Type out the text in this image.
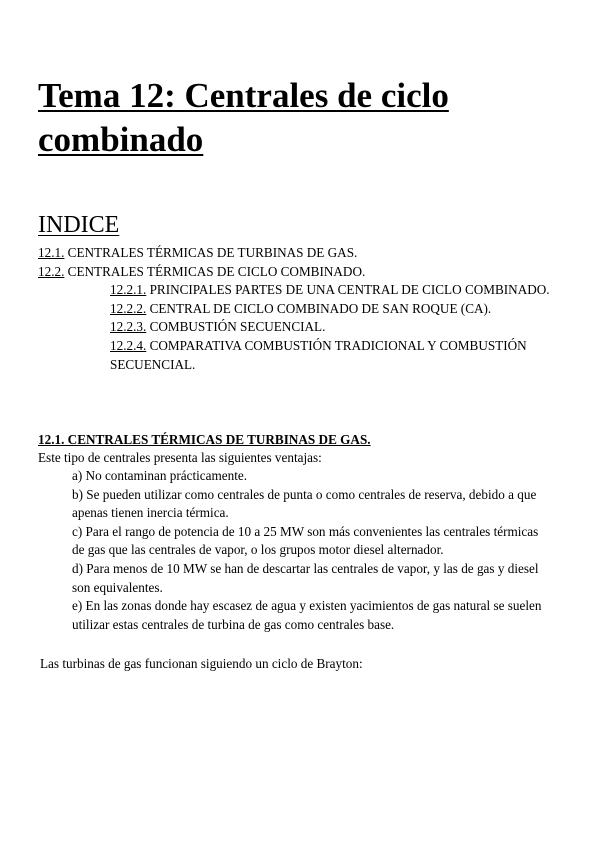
Tema 12: Centrales de ciclo combinado
INDICE
12.1. CENTRALES TÉRMICAS DE TURBINAS DE GAS.
12.2. CENTRALES TÉRMICAS DE CICLO COMBINADO.
12.2.1. PRINCIPALES PARTES DE UNA CENTRAL DE CICLO COMBINADO.
12.2.2. CENTRAL DE CICLO COMBINADO DE SAN ROQUE (CA).
12.2.3. COMBUSTIÓN SECUENCIAL.
12.2.4. COMPARATIVA COMBUSTIÓN TRADICIONAL Y COMBUSTIÓN SECUENCIAL.
12.1. CENTRALES TÉRMICAS DE TURBINAS DE GAS.
Este tipo de centrales presenta las siguientes ventajas:

a) No contaminan prácticamente.

b) Se pueden utilizar como centrales de punta o como centrales de reserva, debido a que apenas tienen inercia térmica.

c) Para el rango de potencia de 10 a 25 MW son más convenientes las centrales térmicas de gas que las centrales de vapor, o los grupos motor diesel alternador.

d) Para menos de 10 MW se han de descartar las centrales de vapor, y las de gas y diesel son equivalentes.

e) En las zonas donde hay escasez de agua y existen yacimientos de gas natural se suelen utilizar estas centrales de turbina de gas como centrales base.

Las turbinas de gas funcionan siguiendo un ciclo de Brayton:
